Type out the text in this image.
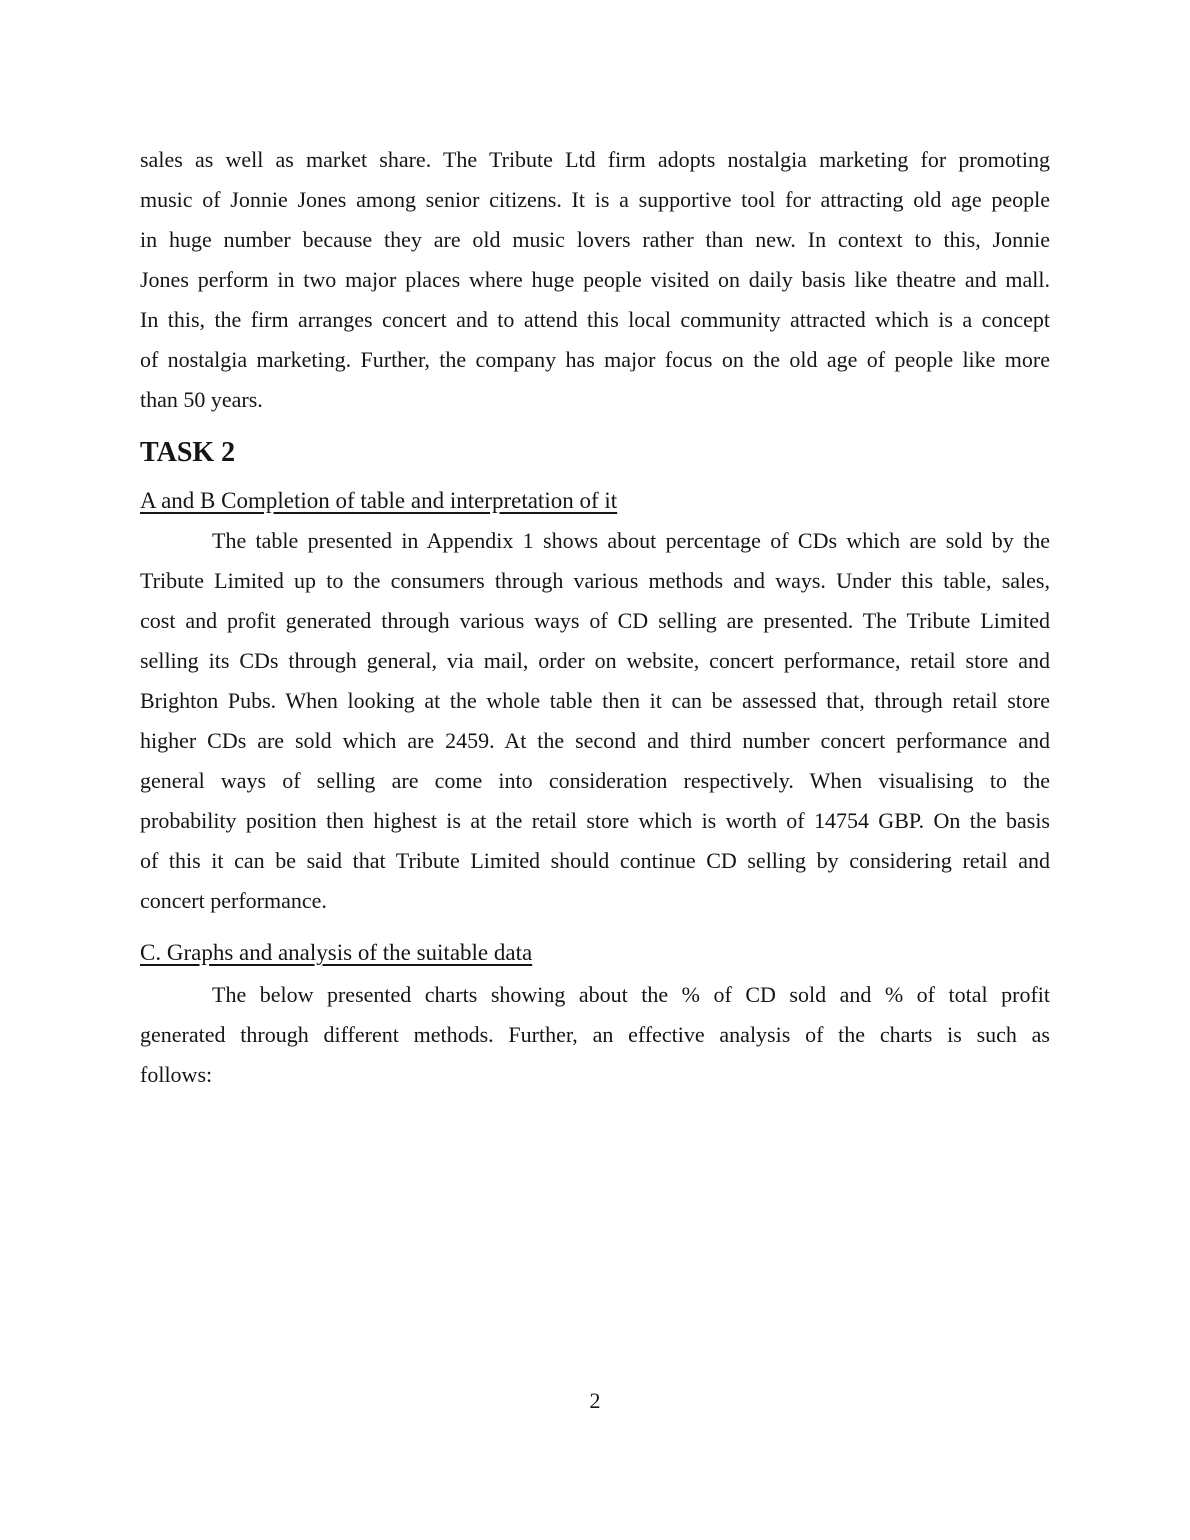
sales as well as market share. The Tribute Ltd firm adopts nostalgia marketing for promoting
music of Jonnie Jones among senior citizens. It is a supportive tool for attracting old age people
in huge number because they are old music lovers rather than new. In context to this, Jonnie
Jones perform in two major places where huge people visited on daily basis like theatre and mall.
In this, the firm arranges concert and to attend this local community attracted which is a concept
of nostalgia marketing. Further, the company has major focus on the old age of people like more
than 50 years.
TASK 2
A and B Completion of table and interpretation of it
The table presented in Appendix 1 shows about percentage of CDs which are sold by the
Tribute Limited up to the consumers through various methods and ways. Under this table, sales,
cost and profit generated through various ways of CD selling are presented. The Tribute Limited
selling its CDs through general, via mail, order on website, concert performance, retail store and
Brighton Pubs. When looking at the whole table then it can be assessed that, through retail store
higher CDs are sold which are 2459. At the second and third number concert performance and
general ways of selling are come into consideration respectively. When visualising to the
probability position then highest is at the retail store which is worth of 14754 GBP. On the basis
of this it can be said that Tribute Limited should continue CD selling by considering retail and
concert performance.
C. Graphs and analysis of the suitable data
The below presented charts showing about the % of CD sold and % of total profit
generated through different methods. Further, an effective analysis of the charts is such as
follows:
2
